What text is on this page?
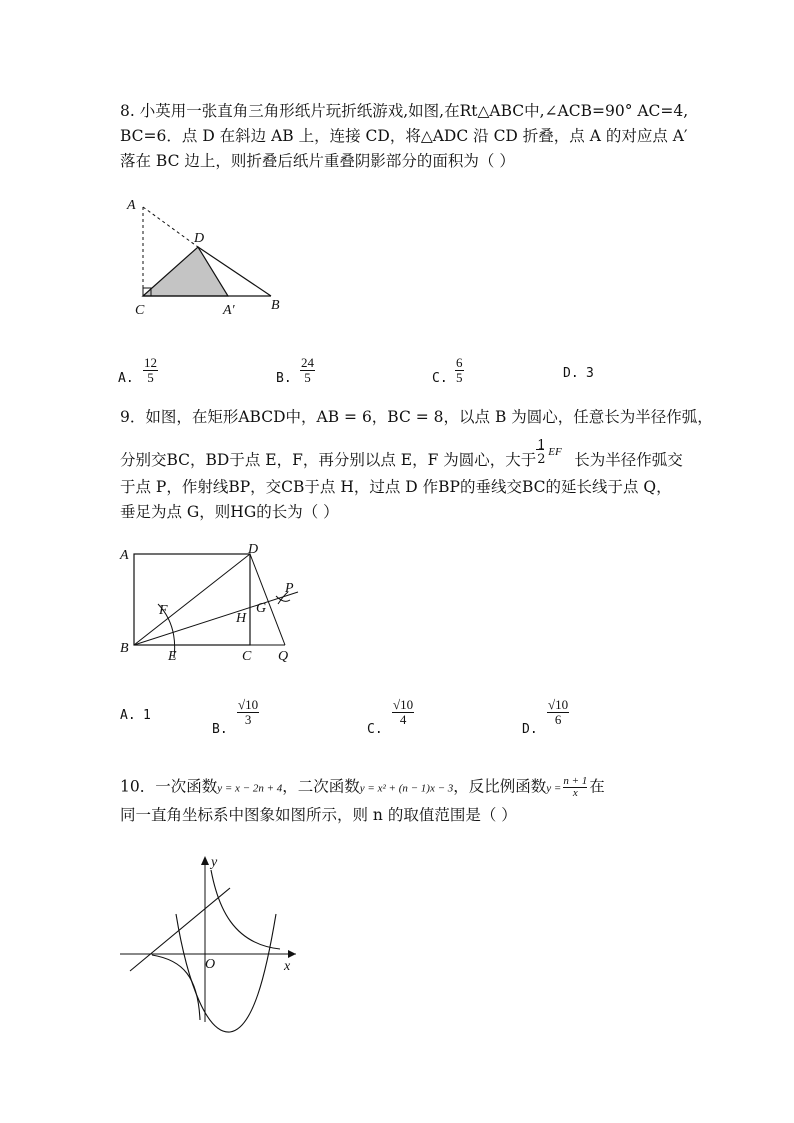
8. 小英用一张直角三角形纸片玩折纸游戏,如图,在Rt△ABC中,∠ACB=90° AC=4,
BC=6．点 D 在斜边 AB 上，连接 CD，将△ADC 沿 CD 折叠，点 A 的对应点 A′
落在 BC 边上，则折叠后纸片重叠阴影部分的面积为（ ）
A
D
C	A′	B
A. $\frac{12}{5}$	B. $\frac{24}{5}$	C. $\frac{6}{5}$	D. 3
9．如图，在矩形ABCD中，AB = 6，BC = 8，以点 B 为圆心，任意长为半径作弧，
分别交BC，BD于点 E，F，再分别以点 E，F 为圆心，大于
1
2 EF 长为半径作弧交
于点 P，作射线BP，交CB于点 H，过点 D 作BP的垂线交BC的延长线于点 Q，
垂足为点 G，则HG的长为（ ）
A	D
P
F	G
H
B
E	C Q
A. 1
B.
$\frac{√10}{3}$
C.
$\frac{√10}{4}$
D.
$\frac{√10}{6}$
10．一次函数y = x − 2n + 4，二次函数y = x² + (n − 1)x − 3，反比例函数$y = \frac{n + 1}{x}$ 在
同一直角坐标系中图象如图所示，则 n 的取值范围是（ ）
y
O	x
